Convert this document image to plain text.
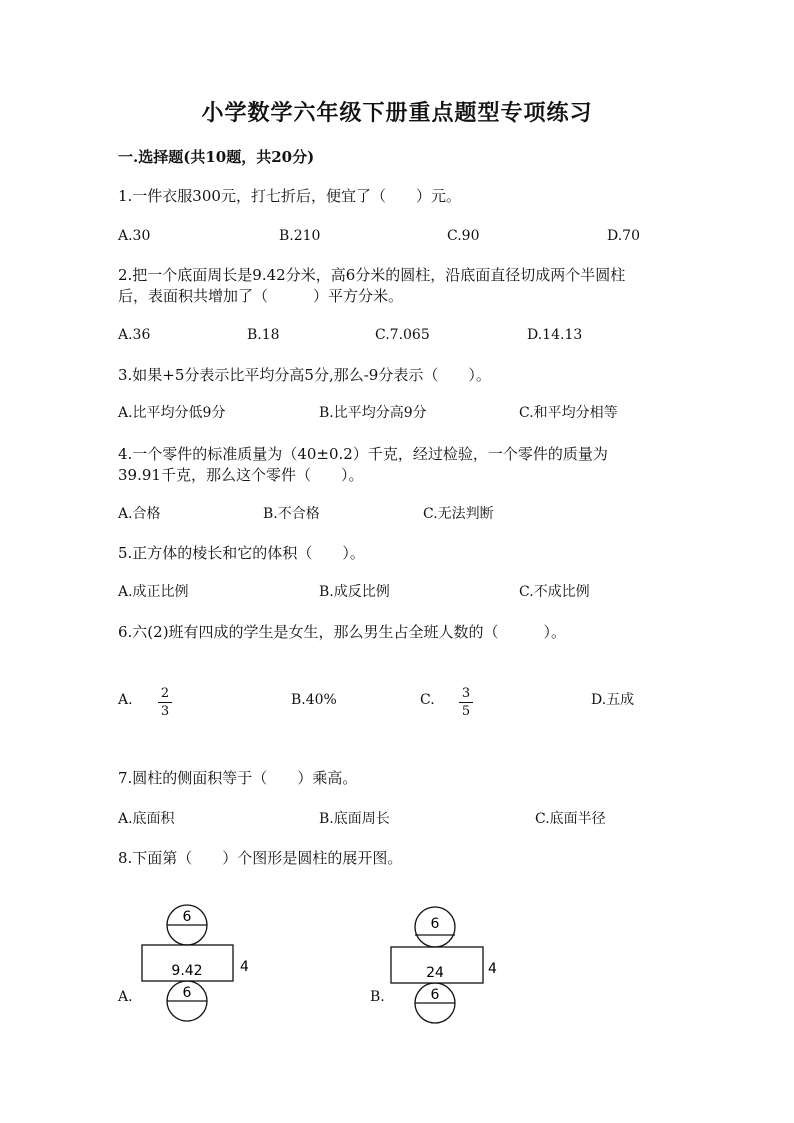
小学数学六年级下册重点题型专项练习
一.选择题(共10题，共20分)
1.一件衣服300元，打七折后，便宜了（　　）元。
A.30	B.210	C.90	D.70
2.把一个底面周长是9.42分米，高6分米的圆柱，沿底面直径切成两个半圆柱
后，表面积共增加了（　　　）平方分米。
A.36	B.18	C.7.065	D.14.13
3.如果+5分表示比平均分高5分,那么-9分表示（　　）。
A.比平均分低9分	B.比平均分高9分	C.和平均分相等
4.一个零件的标准质量为（40±0.2）千克，经过检验，一个零件的质量为
39.91千克，那么这个零件（　　）。
A.合格	B.不合格	C.无法判断
5.正方体的棱长和它的体积（　　）。
A.成正比例	B.成反比例	C.不成比例
6.六(2)班有四成的学生是女生，那么男生占全班人数的（　　　）。
A. 2
3
B.40%	C. 3
5
D.五成
7.圆柱的侧面积等于（　　）乘高。
A.底面积	B.底面周长	C.底面半径
8.下面第（　　）个图形是圆柱的展开图。
A.
6
9.42	4
6	B.
6
24	4
6
